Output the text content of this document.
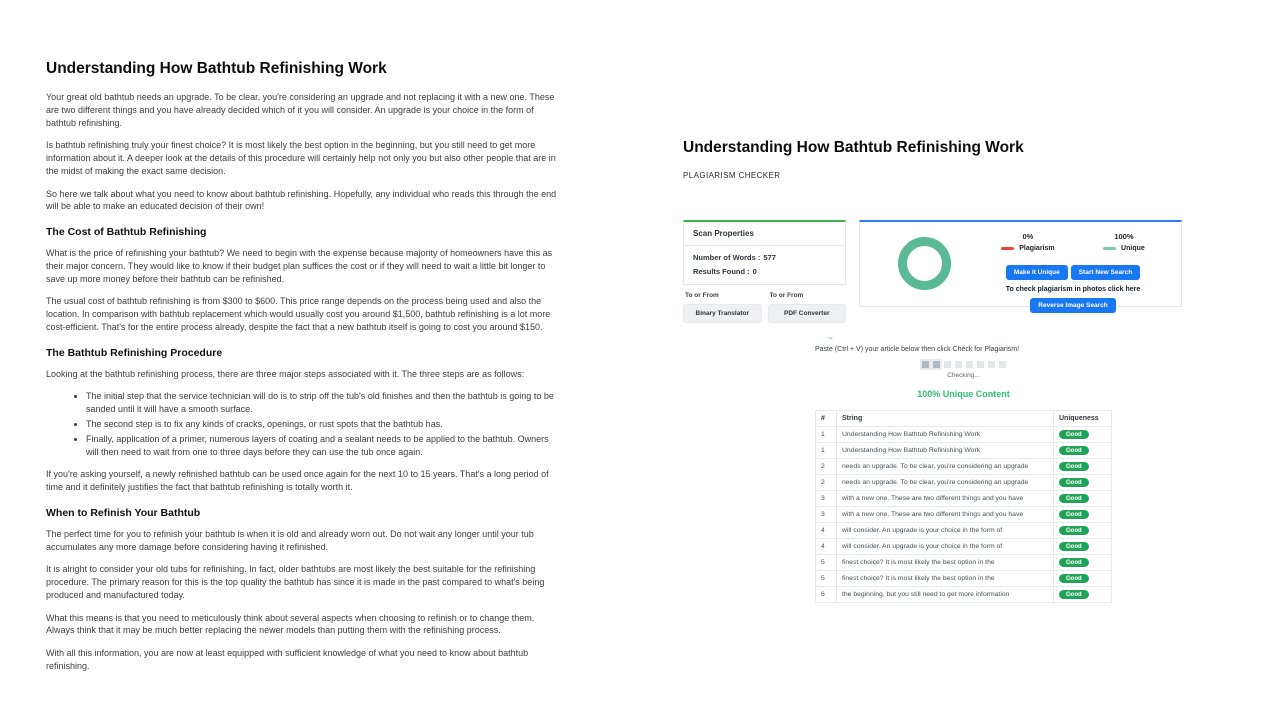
Understanding How Bathtub Refinishing Work

Your great old bathtub needs an upgrade. To be clear, you're considering an upgrade and not replacing it with a new one. These are two different things and you have already decided which of it you will consider. An upgrade is your choice in the form of bathtub refinishing.

Is bathtub refinishing truly your finest choice? It is most likely the best option in the beginning, but you still need to get more information about it. A deeper look at the details of this procedure will certainly help not only you but also other people that are in the midst of making the exact same decision.

So here we talk about what you need to know about bathtub refinishing. Hopefully, any individual who reads this through the end will be able to make an educated decision of their own!

The Cost of Bathtub Refinishing

What is the price of refinishing your bathtub? We need to begin with the expense because majority of homeowners have this as their major concern. They would like to know if their budget plan suffices the cost or if they will need to wait a little bit longer to save up more money before their bathtub can be refinished.

The usual cost of bathtub refinishing is from $300 to $600. This price range depends on the process being used and also the location. In comparison with bathtub replacement which would usually cost you around $1,500, bathtub refinishing is a lot more cost-efficient. That's for the entire process already, despite the fact that a new bathtub itself is going to cost you around $150.

The Bathtub Refinishing Procedure

Looking at the bathtub refinishing process, there are three major steps associated with it. The three steps are as follows:

• The initial step that the service technician will do is to strip off the tub's old finishes and then the bathtub is going to be sanded until it will have a smooth surface.
• The second step is to fix any kinds of cracks, openings, or rust spots that the bathtub has.
• Finally, application of a primer, numerous layers of coating and a sealant needs to be applied to the bathtub. Owners will then need to wait from one to three days before they can use the tub once again.

If you're asking yourself, a newly refinished bathtub can be used once again for the next 10 to 15 years. That's a long period of time and it definitely justifies the fact that bathtub refinishing is totally worth it.

When to Refinish Your Bathtub

The perfect time for you to refinish your bathtub is when it is old and already worn out. Do not wait any longer until your tub accumulates any more damage before considering having it refinished.

It is alright to consider your old tubs for refinishing. In fact, older bathtubs are most likely the best suitable for the refinishing procedure. The primary reason for this is the top quality the bathtub has since it is made in the past compared to what's being produced and manufactured today.

What this means is that you need to meticulously think about several aspects when choosing to refinish or to change them. Always think that it may be much better replacing the newer models than putting them with the refinishing process.

With all this information, you are now at least equipped with sufficient knowledge of what you need to know about bathtub refinishing.

Understanding How Bathtub Refinishing Work
PLAGIARISM CHECKER
Scan Properties
Number of Words : 577
Results Found : 0
To or From
Binary Translator
To or From
PDF Converter
0%
Plagiarism
100%
Unique
Make it Unique	Start New Search
To check plagiarism in photos click here
Reverse Image Search
~
Paste (Ctrl + V) your article below then click Check for Plagiarism!
Checking...
100% Unique Content
#	String	Uniqueness
1	Understanding How Bathtub Refinishing Work	Good
1	Understanding How Bathtub Refinishing Work	Good
2	needs an upgrade. To be clear, you're considering an upgrade	Good
2	needs an upgrade. To be clear, you're considering an upgrade	Good
3	with a new one. These are two different things and you have	Good
3	with a new one. These are two different things and you have	Good
4	will consider. An upgrade is your choice in the form of	Good
4	will consider. An upgrade is your choice in the form of	Good
5	finest choice? It is most likely the best option in the	Good
5	finest choice? It is most likely the best option in the	Good
6	the beginning, but you still need to get more information	Good
